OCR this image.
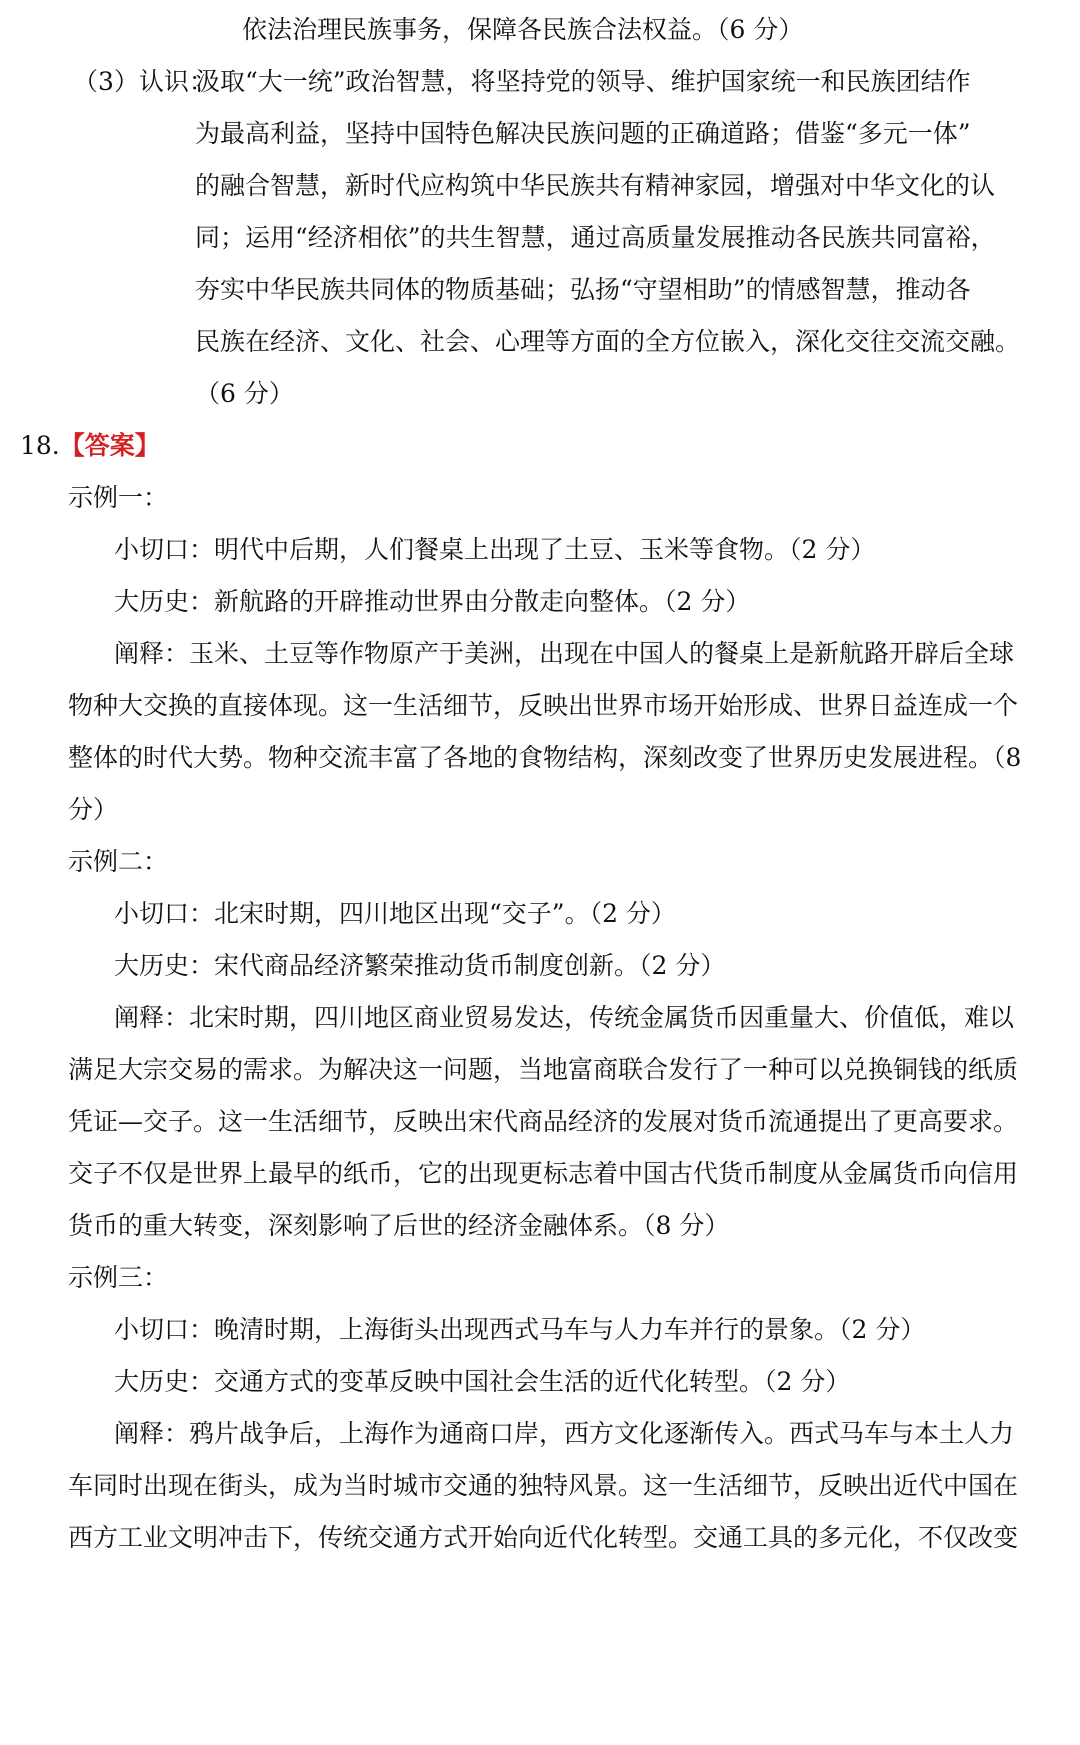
依法治理民族事务，保障各民族合法权益。（6 分）
（3）认识：
汲取“大一统”政治智慧，将坚持党的领导、维护国家统一和民族团结作
为最高利益，坚持中国特色解决民族问题的正确道路；借鉴“多元一体”
的融合智慧，新时代应构筑中华民族共有精神家园，增强对中华文化的认
同；运用“经济相依”的共生智慧，通过高质量发展推动各民族共同富裕，
夯实中华民族共同体的物质基础；弘扬“守望相助”的情感智慧，推动各
民族在经济、文化、社会、心理等方面的全方位嵌入，深化交往交流交融。
（6 分）
18.【答案】
示例一：
小切口：明代中后期，人们餐桌上出现了土豆、玉米等食物。（2 分）
大历史：新航路的开辟推动世界由分散走向整体。（2 分）
阐释：玉米、土豆等作物原产于美洲，出现在中国人的餐桌上是新航路开辟后全球
物种大交换的直接体现。这一生活细节，反映出世界市场开始形成、世界日益连成一个
整体的时代大势。物种交流丰富了各地的食物结构，深刻改变了世界历史发展进程。（8
分）
示例二：
小切口：北宋时期，四川地区出现“交子”。（2 分）
大历史：宋代商品经济繁荣推动货币制度创新。（2 分）
阐释：北宋时期，四川地区商业贸易发达，传统金属货币因重量大、价值低，难以
满足大宗交易的需求。为解决这一问题，当地富商联合发行了一种可以兑换铜钱的纸质
凭证—交子。这一生活细节，反映出宋代商品经济的发展对货币流通提出了更高要求。
交子不仅是世界上最早的纸币，它的出现更标志着中国古代货币制度从金属货币向信用
货币的重大转变，深刻影响了后世的经济金融体系。（8 分）
示例三：
小切口：晚清时期，上海街头出现西式马车与人力车并行的景象。（2 分）
大历史：交通方式的变革反映中国社会生活的近代化转型。（2 分）
阐释：鸦片战争后，上海作为通商口岸，西方文化逐渐传入。西式马车与本土人力
车同时出现在街头，成为当时城市交通的独特风景。这一生活细节，反映出近代中国在
西方工业文明冲击下，传统交通方式开始向近代化转型。交通工具的多元化，不仅改变
